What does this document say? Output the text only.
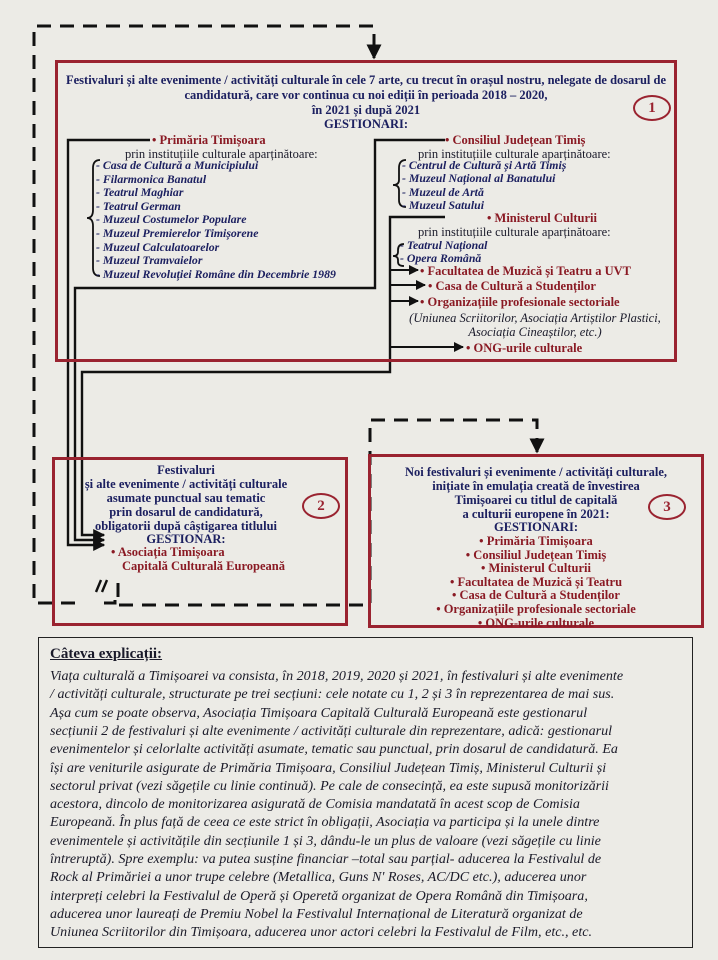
Festivaluri și alte evenimente / activități culturale în cele 7 arte, cu trecut în orașul nostru, nelegate de dosarul de
candidatură, care vor continua cu noi ediții în perioada 2018 – 2020,
în 2021 și după 2021
GESTIONARI:
1
• Primăria Timișoara
prin instituțiile culturale aparținătoare:
- Casa de Cultură a Municipiului
- Filarmonica Banatul
- Teatrul Maghiar
- Teatrul German
- Muzeul Costumelor Populare
- Muzeul Premierelor Timișorene
- Muzeul Calculatoarelor
- Muzeul Tramvaielor
- Muzeul Revoluției Române din Decembrie 1989
• Consiliul Județean Timiș
prin instituțiile culturale aparținătoare:
- Centrul de Cultură și Artă Timiș
- Muzeul Național al Banatului
- Muzeul de Artă
- Muzeul Satului
• Ministerul Culturii
prin instituțiile culturale aparținătoare:
- Teatrul Național
- Opera Română
• Facultatea de Muzică și Teatru a UVT
• Casa de Cultură a Studenților
• Organizațiile profesionale sectoriale
(Uniunea Scriitorilor, Asociația Artiștilor Plastici,
Asociația Cineaștilor, etc.)
• ONG-urile culturale
Festivaluri
și alte evenimente / activități culturale
asumate punctual sau tematic
prin dosarul de candidatură,
obligatorii după câștigarea titlului
GESTIONAR:
2
• Asociația Timișoara
Capitală Culturală Europeană
Noi festivaluri și evenimente / activități culturale,
inițiate în emulația creată de învestirea
Timișoarei cu titlul de capitală
a culturii europene în 2021:
GESTIONARI:
3
• Primăria Timișoara
• Consiliul Județean Timiș
• Ministerul Culturii
• Facultatea de Muzică și Teatru
• Casa de Cultură a Studenților
• Organizațiile profesionale sectoriale
• ONG-urile culturale
Câteva explicații:
Viața culturală a Timișoarei va consista, în 2018, 2019, 2020 și 2021, în festivaluri și alte evenimente
/ activități culturale, structurate pe trei secțiuni: cele notate cu 1, 2 și 3 în reprezentarea de mai sus.
Așa cum se poate observa, Asociația Timișoara Capitală Culturală Europeană este gestionarul
secțiunii 2 de festivaluri și alte evenimente / activități culturale din reprezentare, adică: gestionarul
evenimentelor și celorlalte activități asumate, tematic sau punctual, prin dosarul de candidatură. Ea
își are veniturile asigurate de Primăria Timișoara, Consiliul Județean Timiș, Ministerul Culturii și
sectorul privat (vezi săgețile cu linie continuă). Pe cale de consecință, ea este supusă monitorizării
acestora, dincolo de monitorizarea asigurată de Comisia mandatată în acest scop de Comisia
Europeană. În plus față de ceea ce este strict în obligații, Asociația va participa și la unele dintre
evenimentele și activitățile din secțiunile 1 și 3, dându-le un plus de valoare (vezi săgețile cu linie
întreruptă). Spre exemplu: va putea susține financiar –total sau parțial- aducerea la Festivalul de
Rock al Primăriei a unor trupe celebre (Metallica, Guns N' Roses, AC/DC etc.), aducerea unor
interpreți celebri la Festivalul de Operă și Operetă organizat de Opera Română din Timișoara,
aducerea unor laureați de Premiu Nobel la Festivalul Internațional de Literatură organizat de
Uniunea Scriitorilor din Timișoara, aducerea unor actori celebri la Festivalul de Film, etc., etc.
